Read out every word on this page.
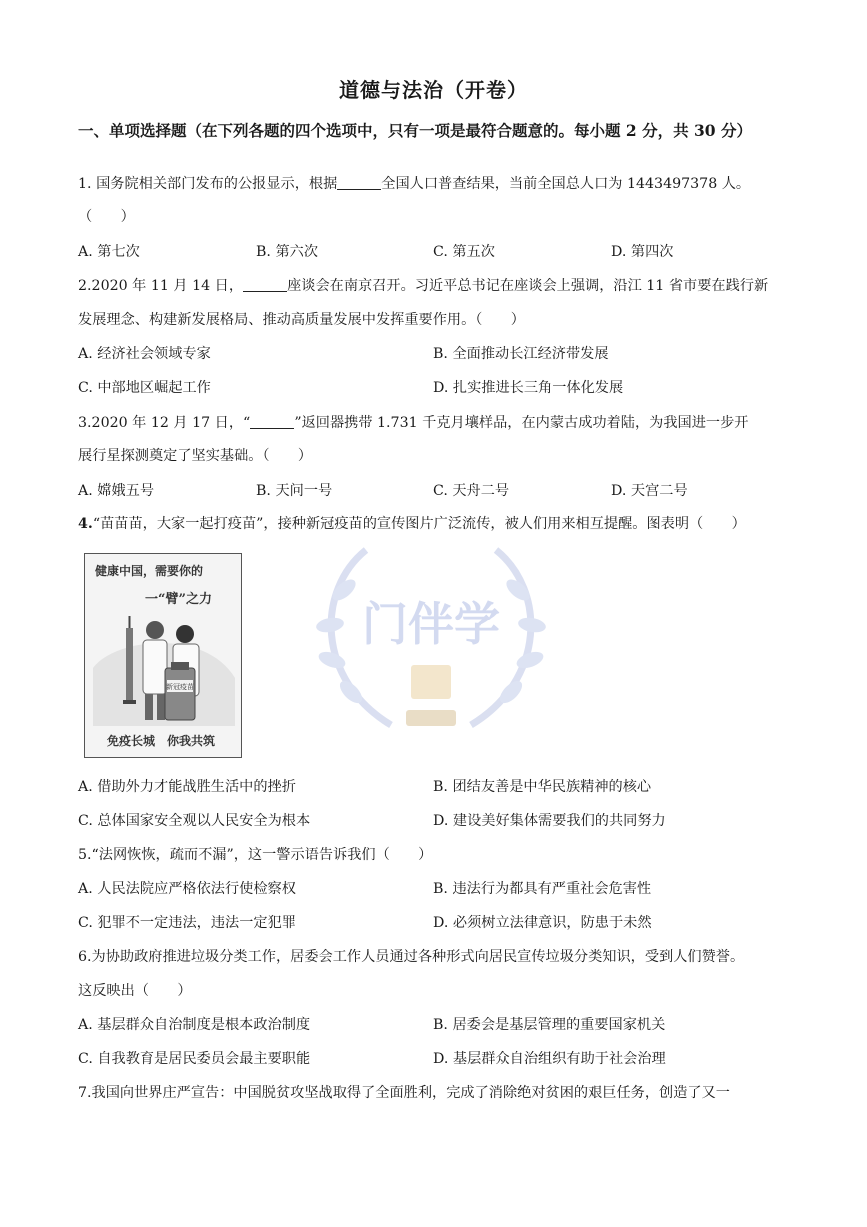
门伴学
道德与法治（开卷）
一、单项选择题（在下列各题的四个选项中，只有一项是最符合题意的。每小题 2 分，共 30 分）
1. 国务院相关部门发布的公报显示，根据	全国人口普查结果，当前全国总人口为 1443497378 人。
（　　）
A. 第七次	B. 第六次	C. 第五次	D. 第四次
2.2020 年 11 月 14 日，	座谈会在南京召开。习近平总书记在座谈会上强调，沿江 11 省市要在践行新
发展理念、构建新发展格局、推动高质量发展中发挥重要作用。（　　）
A. 经济社会领域专家	B. 全面推动长江经济带发展
C. 中部地区崛起工作	D. 扎实推进长三角一体化发展
3.2020 年 12 月 17 日，“	”返回器携带 1.731 千克月壤样品，在内蒙古成功着陆，为我国进一步开
展行星探测奠定了坚实基础。（　　）
A. 嫦娥五号	B. 天问一号	C. 天舟二号	D. 天宫二号
4.“苗苗苗，大家一起打疫苗”，接种新冠疫苗的宣传图片广泛流传，被人们用来相互提醒。图表明（　　）
健康中国，需要你的
一“臂”之力
新冠疫苗
免疫长城　你我共筑
A. 借助外力才能战胜生活中的挫折	B. 团结友善是中华民族精神的核心
C. 总体国家安全观以人民安全为根本	D. 建设美好集体需要我们的共同努力
5.“法网恢恢，疏而不漏”，这一警示语告诉我们（　　）
A. 人民法院应严格依法行使检察权	B. 违法行为都具有严重社会危害性
C. 犯罪不一定违法，违法一定犯罪	D. 必须树立法律意识，防患于未然
6.为协助政府推进垃圾分类工作，居委会工作人员通过各种形式向居民宣传垃圾分类知识，受到人们赞誉。
这反映出（　　）
A. 基层群众自治制度是根本政治制度	B. 居委会是基层管理的重要国家机关
C. 自我教育是居民委员会最主要职能	D. 基层群众自治组织有助于社会治理
7.我国向世界庄严宣告：中国脱贫攻坚战取得了全面胜利，完成了消除绝对贫困的艰巨任务，创造了又一
